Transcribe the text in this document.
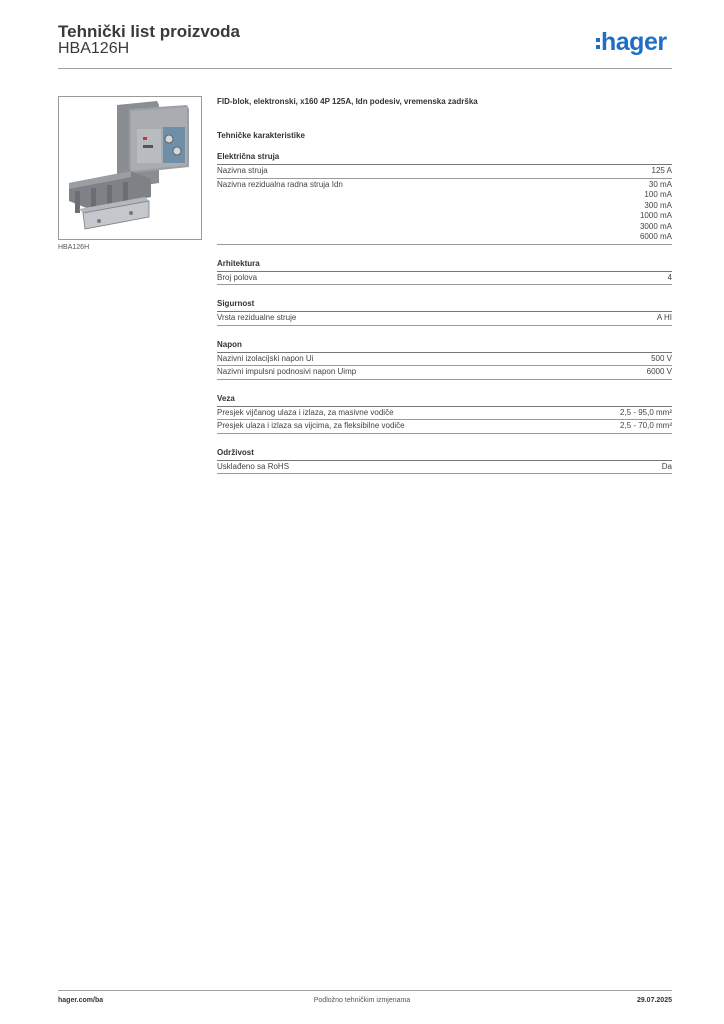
Tehnički list proizvoda
HBA126H	hager
HBA126H
FID-blok, elektronski, x160 4P 125A, Idn podesiv, vremenska zadrška
Tehničke karakteristike
Električna struja
Nazivna struja	125 A
Nazivna rezidualna radna struja Idn	30 mA
100 mA
300 mA
1000 mA
3000 mA
6000 mA
Arhitektura
Broj polova	4
Sigurnost
Vrsta rezidualne struje	A HI
Napon
Nazivni izolacijski napon Ui	500 V
Nazivni impulsni podnosivi napon Uimp	6000 V
Veza
Presjek vijčanog ulaza i izlaza, za masivne vodiče	2,5 - 95,0 mm²
Presjek ulaza i izlaza sa vijcima, za fleksibilne vodiče	2,5 - 70,0 mm²
Održivost
Usklađeno sa RoHS	Da
hager.com/ba	Podložno tehničkim izmjenama	29.07.2025
